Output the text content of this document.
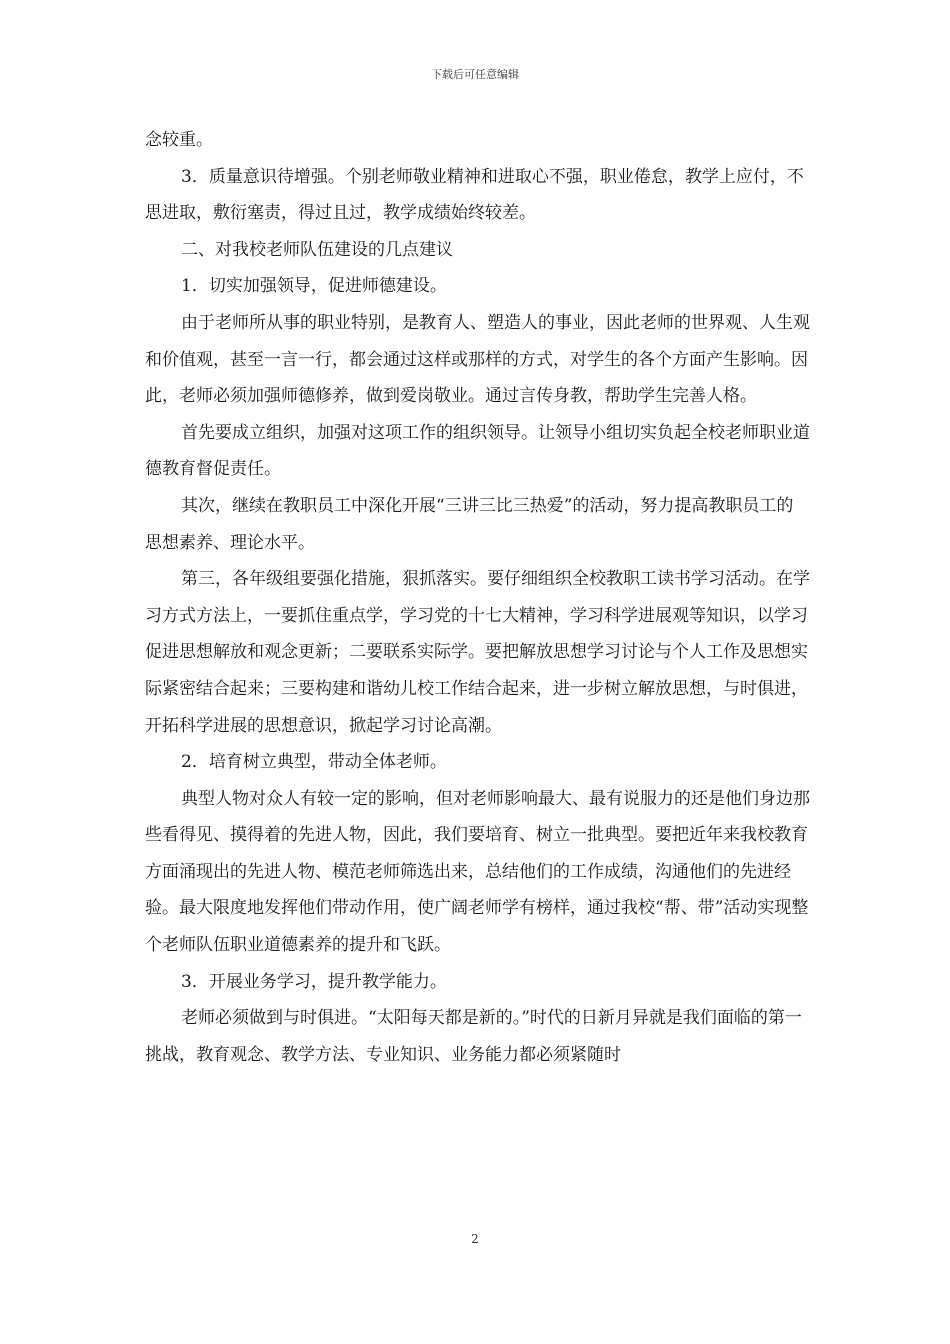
下载后可任意编辑

念较重。

3．质量意识待增强。个别老师敬业精神和进取心不强，职业倦怠，教学上应付，不思进取，敷衍塞责，得过且过，教学成绩始终较差。

二、对我校老师队伍建设的几点建议

1．切实加强领导，促进师德建设。

由于老师所从事的职业特别，是教育人、塑造人的事业，因此老师的世界观、人生观和价值观，甚至一言一行，都会通过这样或那样的方式，对学生的各个方面产生影响。因此，老师必须加强师德修养，做到爱岗敬业。通过言传身教，帮助学生完善人格。

首先要成立组织，加强对这项工作的组织领导。让领导小组切实负起全校老师职业道德教育督促责任。

其次，继续在教职员工中深化开展“三讲三比三热爱”的活动，努力提高教职员工的思想素养、理论水平。

第三，各年级组要强化措施，狠抓落实。要仔细组织全校教职工读书学习活动。在学习方式方法上，一要抓住重点学，学习党的十七大精神，学习科学进展观等知识，以学习促进思想解放和观念更新；二要联系实际学。要把解放思想学习讨论与个人工作及思想实际紧密结合起来；三要构建和谐幼儿校工作结合起来，进一步树立解放思想，与时俱进，开拓科学进展的思想意识，掀起学习讨论高潮。

2．培育树立典型，带动全体老师。

典型人物对众人有较一定的影响，但对老师影响最大、最有说服力的还是他们身边那些看得见、摸得着的先进人物，因此，我们要培育、树立一批典型。要把近年来我校教育方面涌现出的先进人物、模范老师筛选出来，总结他们的工作成绩，沟通他们的先进经验。最大限度地发挥他们带动作用，使广阔老师学有榜样，通过我校“帮、带”活动实现整个老师队伍职业道德素养的提升和飞跃。

3．开展业务学习，提升教学能力。

老师必须做到与时俱进。“太阳每天都是新的。”时代的日新月异就是我们面临的第一挑战，教育观念、教学方法、专业知识、业务能力都必须紧随时

2
